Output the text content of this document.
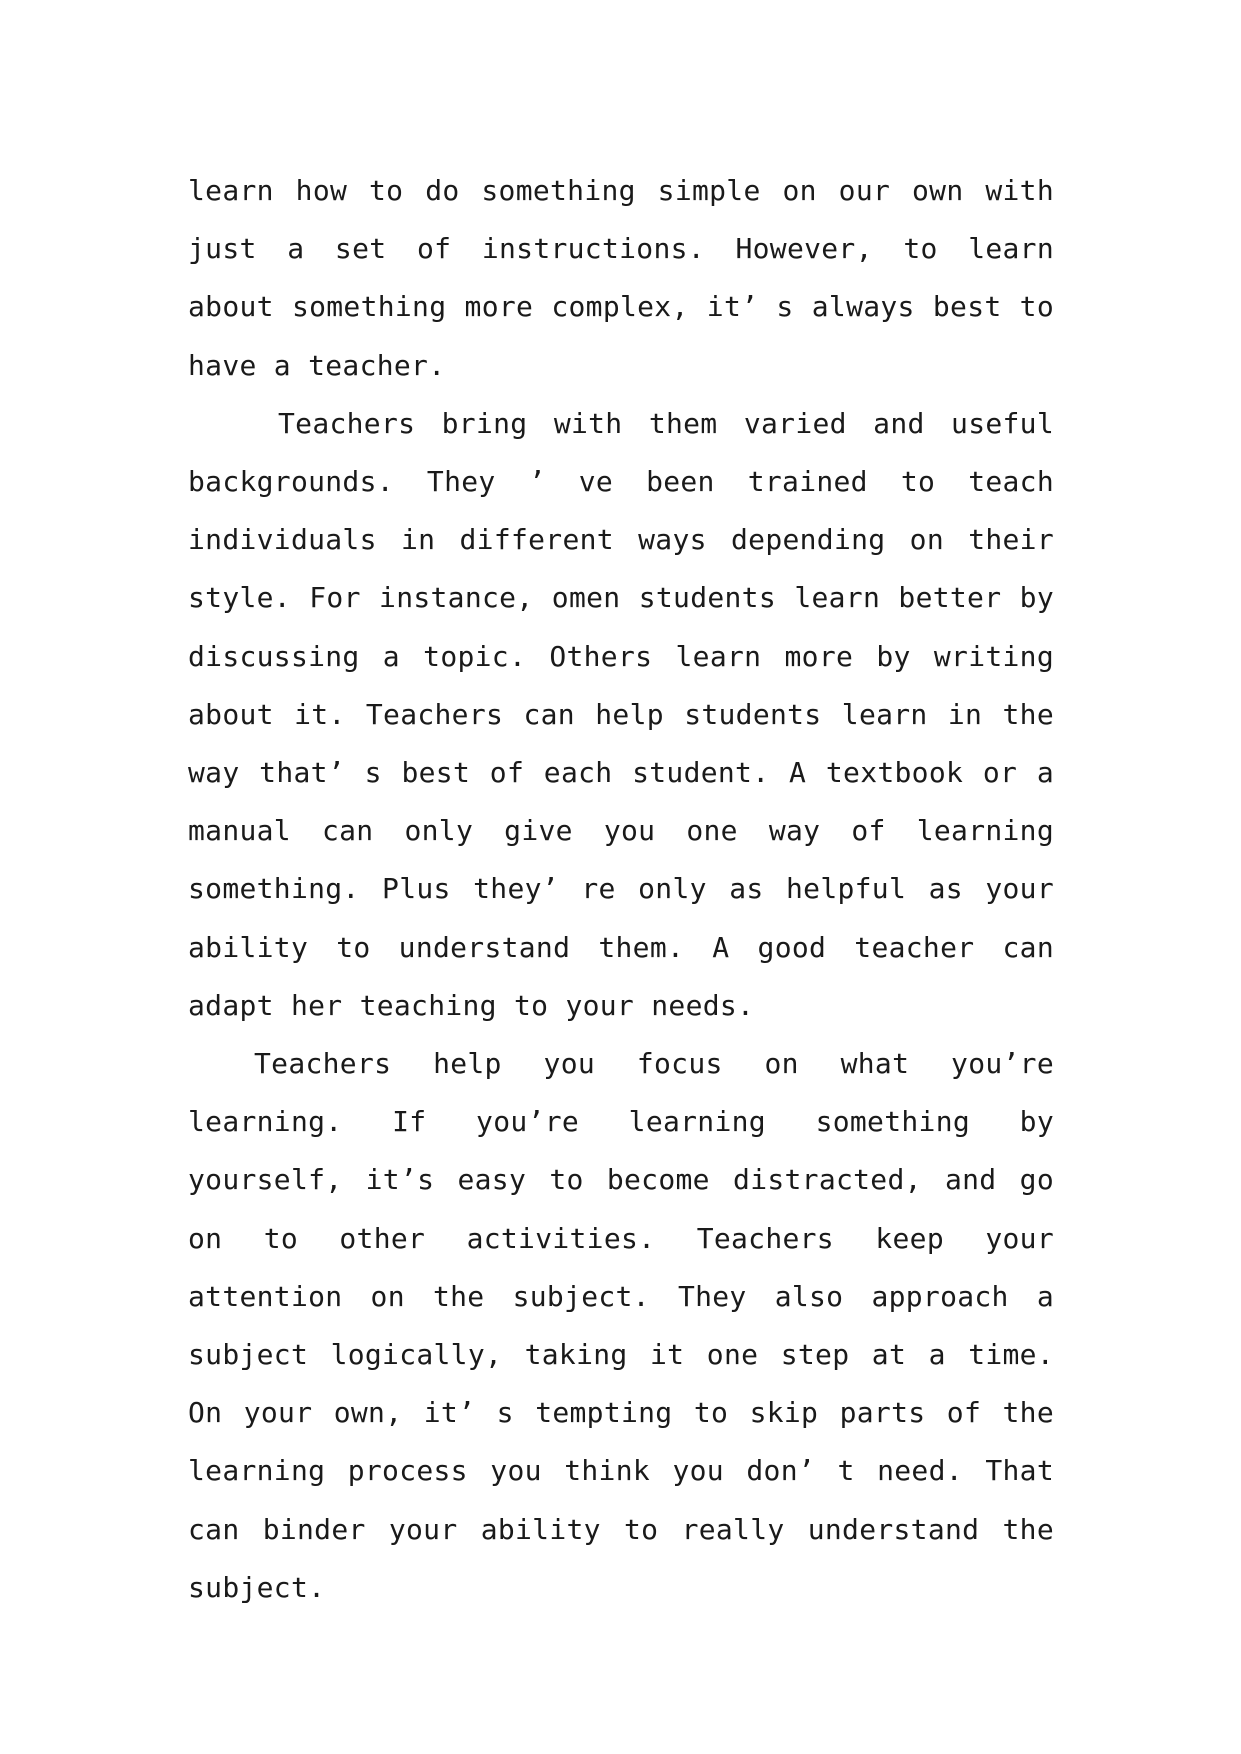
learn how to do something simple on our own with just a set of instructions. However, to learn about something more complex, it’ s always best to have a teacher.

Teachers bring with them varied and useful backgrounds. They ’ ve been trained to teach individuals in different ways depending on their style. For instance, omen students learn better by discussing a topic. Others learn more by writing about it. Teachers can help students learn in the way that’ s best of each student. A textbook or a manual can only give you one way of learning something. Plus they’ re only as helpful as your ability to understand them. A good teacher can adapt her teaching to your needs.

Teachers help you focus on what you’re learning. If you’re learning something by yourself, it’s easy to become distracted, and go on to other activities. Teachers keep your attention on the subject. They also approach a subject logically, taking it one step at a time. On your own, it’ s tempting to skip parts of the learning process you think you don’ t need. That can binder your ability to really understand the subject.
